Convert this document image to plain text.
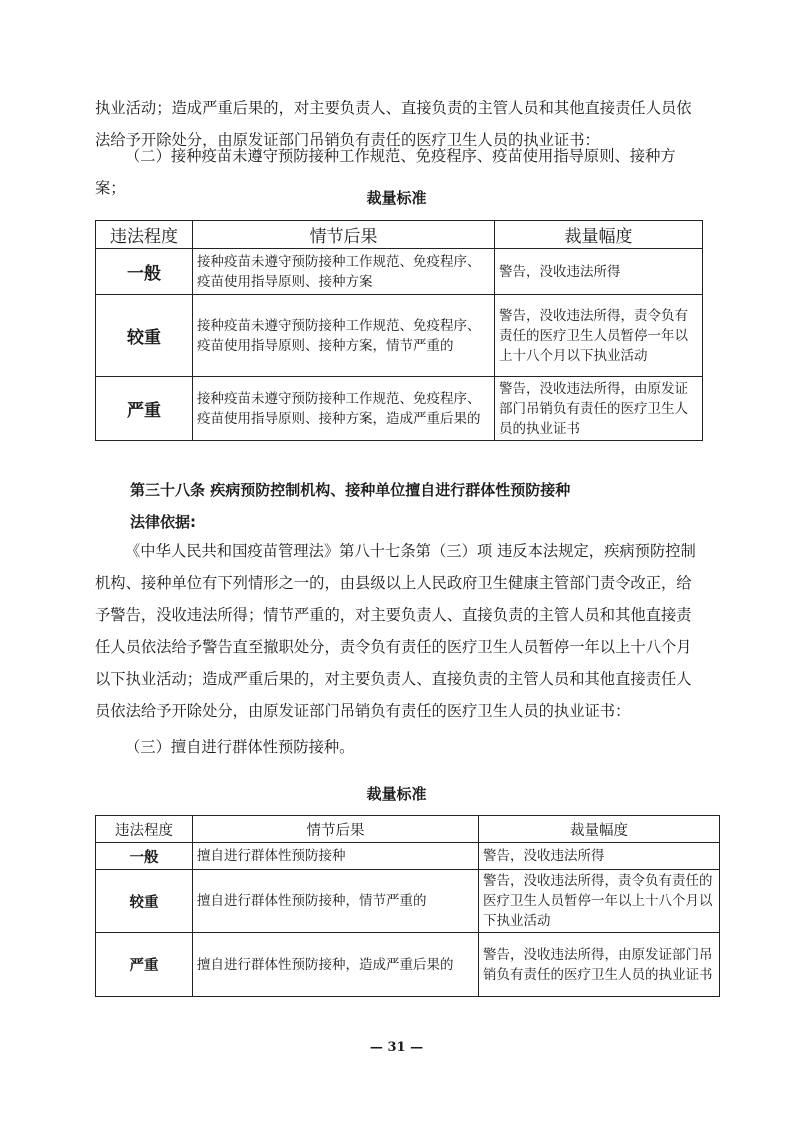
执业活动；造成严重后果的，对主要负责人、直接负责的主管人员和其他直接责任人员依法给予开除处分，由原发证部门吊销负有责任的医疗卫生人员的执业证书：

（二）接种疫苗未遵守预防接种工作规范、免疫程序、疫苗使用指导原则、接种方案；

裁量标准

违法程度	情节后果	裁量幅度
一般	接种疫苗未遵守预防接种工作规范、免疫程序、疫苗使用指导原则、接种方案	警告，没收违法所得
较重	接种疫苗未遵守预防接种工作规范、免疫程序、疫苗使用指导原则、接种方案，情节严重的	警告，没收违法所得，责令负有责任的医疗卫生人员暂停一年以上十八个月以下执业活动
严重	接种疫苗未遵守预防接种工作规范、免疫程序、疫苗使用指导原则、接种方案，造成严重后果的	警告，没收违法所得，由原发证部门吊销负有责任的医疗卫生人员的执业证书

第三十八条 疾病预防控制机构、接种单位擅自进行群体性预防接种

法律依据:

《中华人民共和国疫苗管理法》第八十七条第（三）项 违反本法规定，疾病预防控制机构、接种单位有下列情形之一的，由县级以上人民政府卫生健康主管部门责令改正，给予警告，没收违法所得；情节严重的，对主要负责人、直接负责的主管人员和其他直接责任人员依法给予警告直至撤职处分，责令负有责任的医疗卫生人员暂停一年以上十八个月以下执业活动；造成严重后果的，对主要负责人、直接负责的主管人员和其他直接责任人员依法给予开除处分，由原发证部门吊销负有责任的医疗卫生人员的执业证书：

（三）擅自进行群体性预防接种。

裁量标准

违法程度	情节后果	裁量幅度
一般	擅自进行群体性预防接种	警告，没收违法所得
较重	擅自进行群体性预防接种，情节严重的	警告，没收违法所得，责令负有责任的医疗卫生人员暂停一年以上十八个月以下执业活动
严重	擅自进行群体性预防接种，造成严重后果的	警告，没收违法所得，由原发证部门吊销负有责任的医疗卫生人员的执业证书

— 31 —
